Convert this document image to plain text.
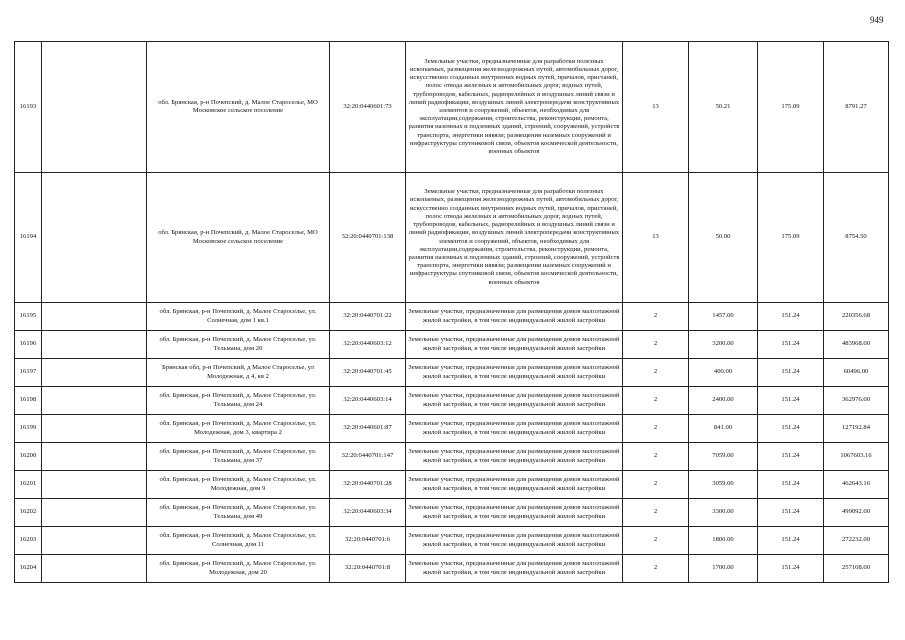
949
16193		обл. Брянская, р-н Почепский, д. Малое Староселье, МО Московское сельское поселение	32:20:0440601:73	Земельные участки, предназначенные для разработки полезных ископаемых, размещения железнодорожных путей, автомобильных дорог, искусственно созданных внутренних водных путей, причалов, пристаней, полос отвода железных и автомобильных дорог, водных путей, трубопроводов, кабельных, радиорелейных и воздушных линий связи и линий радиофикации, воздушных линий электропередачи конструктивных элементов и сооружений, объектов, необходимых для эксплуатации,содержания, строительства, реконструкции, ремонта, развития наземных и подземных зданий, строений, сооружений, устройств транспорта, энергетики иявязи; размещения наземных сооружений и инфраструктуры спутниковой связи, объектов космической деятельности, военных объектов	13	50.21	175.09	8791.27
16194		обл. Брянская, р-н Почепский, д. Малое Староселье, МО Московское сельское поселение	32:20:0440701:138	Земельные участки, предназначенные для разработки полезных ископаемых, размещения железнодорожных путей, автомобильных дорог, искусственно созданных внутренних водных путей, причалов, пристаней, полос отвода железных и автомобильных дорог, водных путей, трубопроводов, кабельных, радиорелейных и воздушных линий связи и линий радиофикации, воздушных линий электропередачи конструктивных элементов и сооружений, объектов, необходимых для эксплуатации,содержания, строительства, реконструкции, ремонта, развития наземных и подземных зданий, строений, сооружений, устройств транспорта, энергетики иявязи; размещения наземных сооружений и инфраструктуры спутниковой связи, объектов космической деятельности, военных объектов	13	50.00	175.09	8754.50
16195		обл. Брянская, р-н Почепский, д. Малое Староселье, ул. Солнечная, дом 1 кв.1	32:20:0440701:22	Земельные участки, предназначенные для размещения домов малоэтажной жилой застройки, в том числе индивидуальной жилой застройки	2	1457.00	151.24	220356.68
16196		обл. Брянская, р-н Почепский, д. Малое Староселье, ул. Тельмана, дом 20	32:20:0440603:12	Земельные участки, предназначенные для размещения домов малоэтажной жилой застройки, в том числе индивидуальной жилой застройки	2	3200.00	151.24	483968.00
16197		Брянская обл, р-н Почепский, д Малое Староселье, ул Молодежная, д 4, кв 2	32:20:0440701:45	Земельные участки, предназначенные для размещения домов малоэтажной жилой застройки, в том числе индивидуальной жилой застройки	2	400.00	151.24	60496.00
16198		обл. Брянская, р-н Почепский, д. Малое Староселье, ул. Тельмана, дом 24	32:20:0440603:14	Земельные участки, предназначенные для размещения домов малоэтажной жилой застройки, в том числе индивидуальной жилой застройки	2	2400.00	151.24	362976.00
16199		обл. Брянская, р-н Почепский, д. Малое Староселье, ул. Молодежная, дом 3, квартира 2	32:20:0440601:87	Земельные участки, предназначенные для размещения домов малоэтажной жилой застройки, в том числе индивидуальной жилой застройки	2	841.00	151.24	127192.84
16200		обл. Брянская, р-н Почепский, д. Малое Староселье, ул. Тельмана, дом 37	32:20:0440701:147	Земельные участки, предназначенные для размещения домов малоэтажной жилой застройки, в том числе индивидуальной жилой застройки	2	7059.00	151.24	1067603.16
16201		обл. Брянская, р-н Почепский, д. Малое Староселье, ул. Молодежная, дом 9	32:20:0440701:28	Земельные участки, предназначенные для размещения домов малоэтажной жилой застройки, в том числе индивидуальной жилой застройки	2	3059.00	151.24	462643.16
16202		обл. Брянская, р-н Почепский, д. Малое Староселье, ул. Тельмана, дом 49	32:20:0440603:34	Земельные участки, предназначенные для размещения домов малоэтажной жилой застройки, в том числе индивидуальной жилой застройки	2	3300.00	151.24	499092.00
16203		обл. Брянская, р-н Почепский, д. Малое Староселье, ул. Солнечная, дом 11	32:20:0440701:6	Земельные участки, предназначенные для размещения домов малоэтажной жилой застройки, в том числе индивидуальной жилой застройки	2	1800.00	151.24	272232.00
16204		обл. Брянская, р-н Почепский, д. Малое Староселье, ул. Молодежная, дом 20	32:20:0440701:8	Земельные участки, предназначенные для размещения домов малоэтажной жилой застройки, в том числе индивидуальной жилой застройки	2	1700.00	151.24	257108.00
